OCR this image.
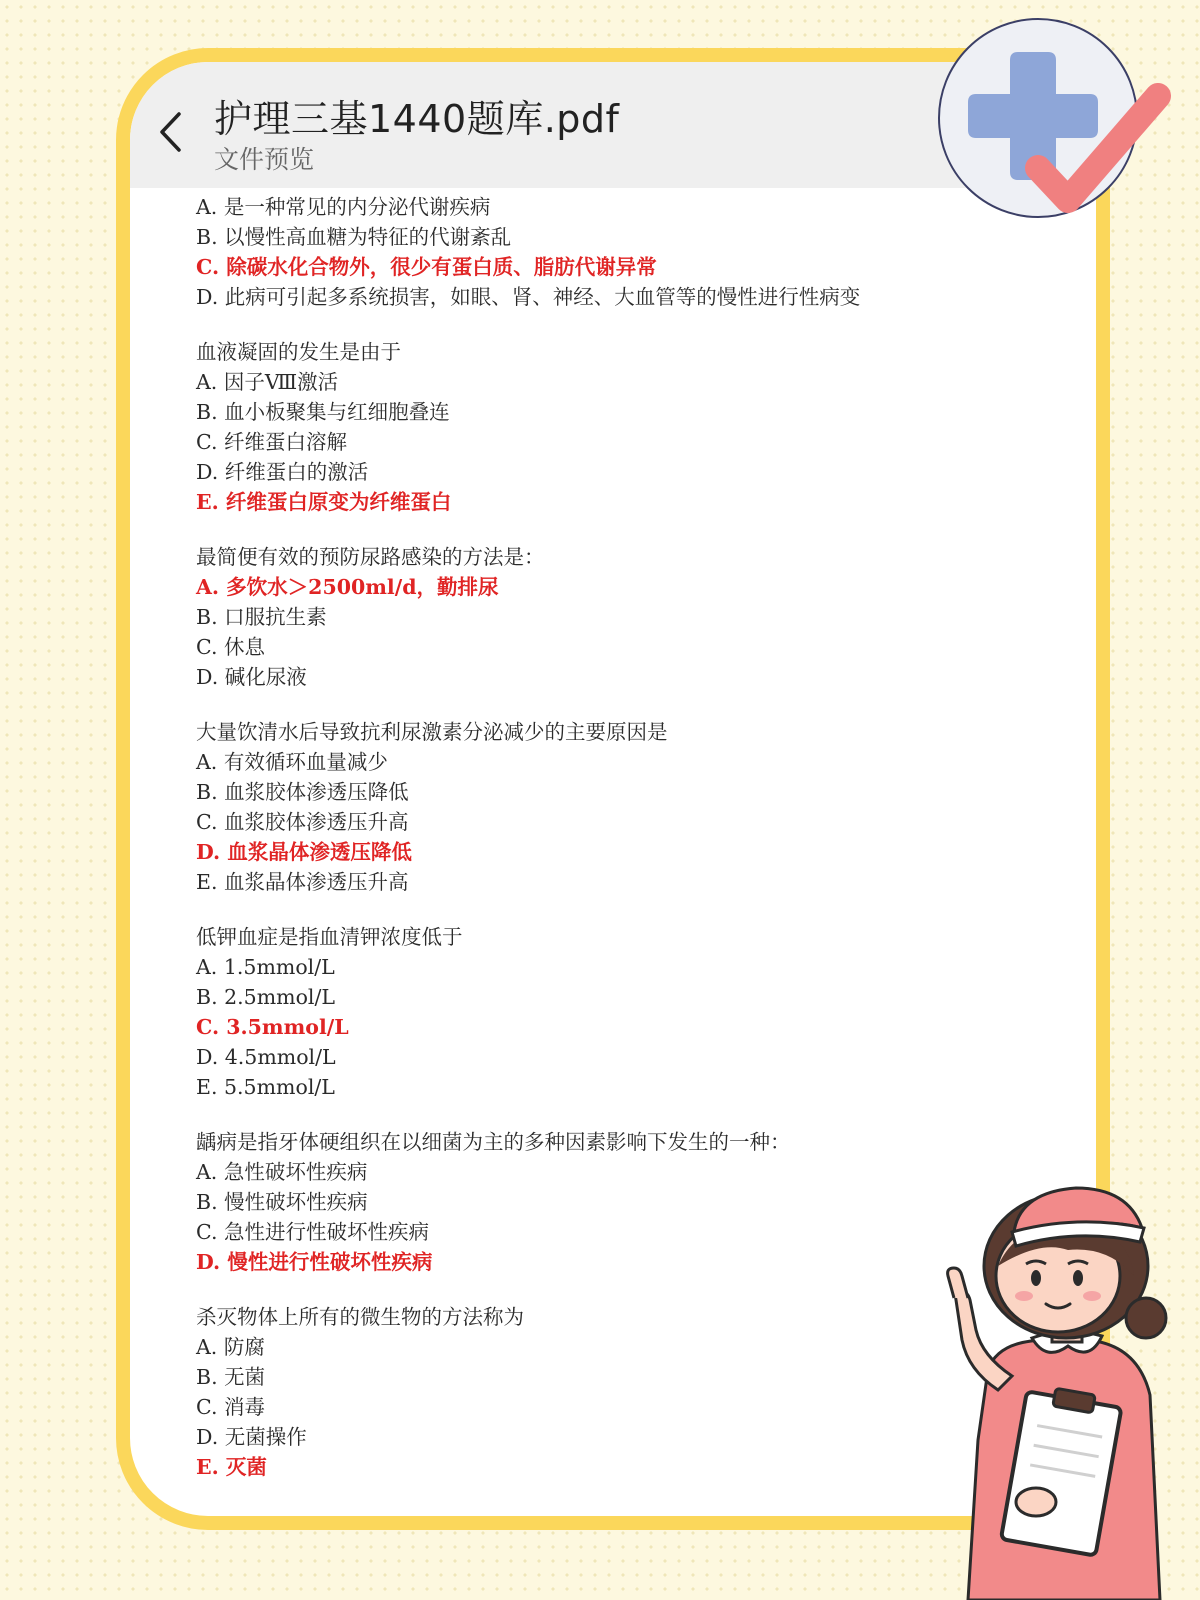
护理三基1440题库.pdf
文件预览
A. 是一种常见的内分泌代谢疾病
B. 以慢性高血糖为特征的代谢紊乱
C. 除碳水化合物外，很少有蛋白质、脂肪代谢异常
D. 此病可引起多系统损害，如眼、肾、神经、大血管等的慢性进行性病变
血液凝固的发生是由于
A. 因子Ⅷ激活
B. 血小板聚集与红细胞叠连
C. 纤维蛋白溶解
D. 纤维蛋白的激活
E. 纤维蛋白原变为纤维蛋白
最简便有效的预防尿路感染的方法是：
A. 多饮水＞2500ml/d，勤排尿
B. 口服抗生素
C. 休息
D. 碱化尿液
大量饮清水后导致抗利尿激素分泌减少的主要原因是
A. 有效循环血量减少
B. 血浆胶体渗透压降低
C. 血浆胶体渗透压升高
D. 血浆晶体渗透压降低
E. 血浆晶体渗透压升高
低钾血症是指血清钾浓度低于
A. 1.5mmol/L
B. 2.5mmol/L
C. 3.5mmol/L
D. 4.5mmol/L
E. 5.5mmol/L
龋病是指牙体硬组织在以细菌为主的多种因素影响下发生的一种：
A. 急性破坏性疾病
B. 慢性破坏性疾病
C. 急性进行性破坏性疾病
D. 慢性进行性破坏性疾病
杀灭物体上所有的微生物的方法称为
A. 防腐
B. 无菌
C. 消毒
D. 无菌操作
E. 灭菌
